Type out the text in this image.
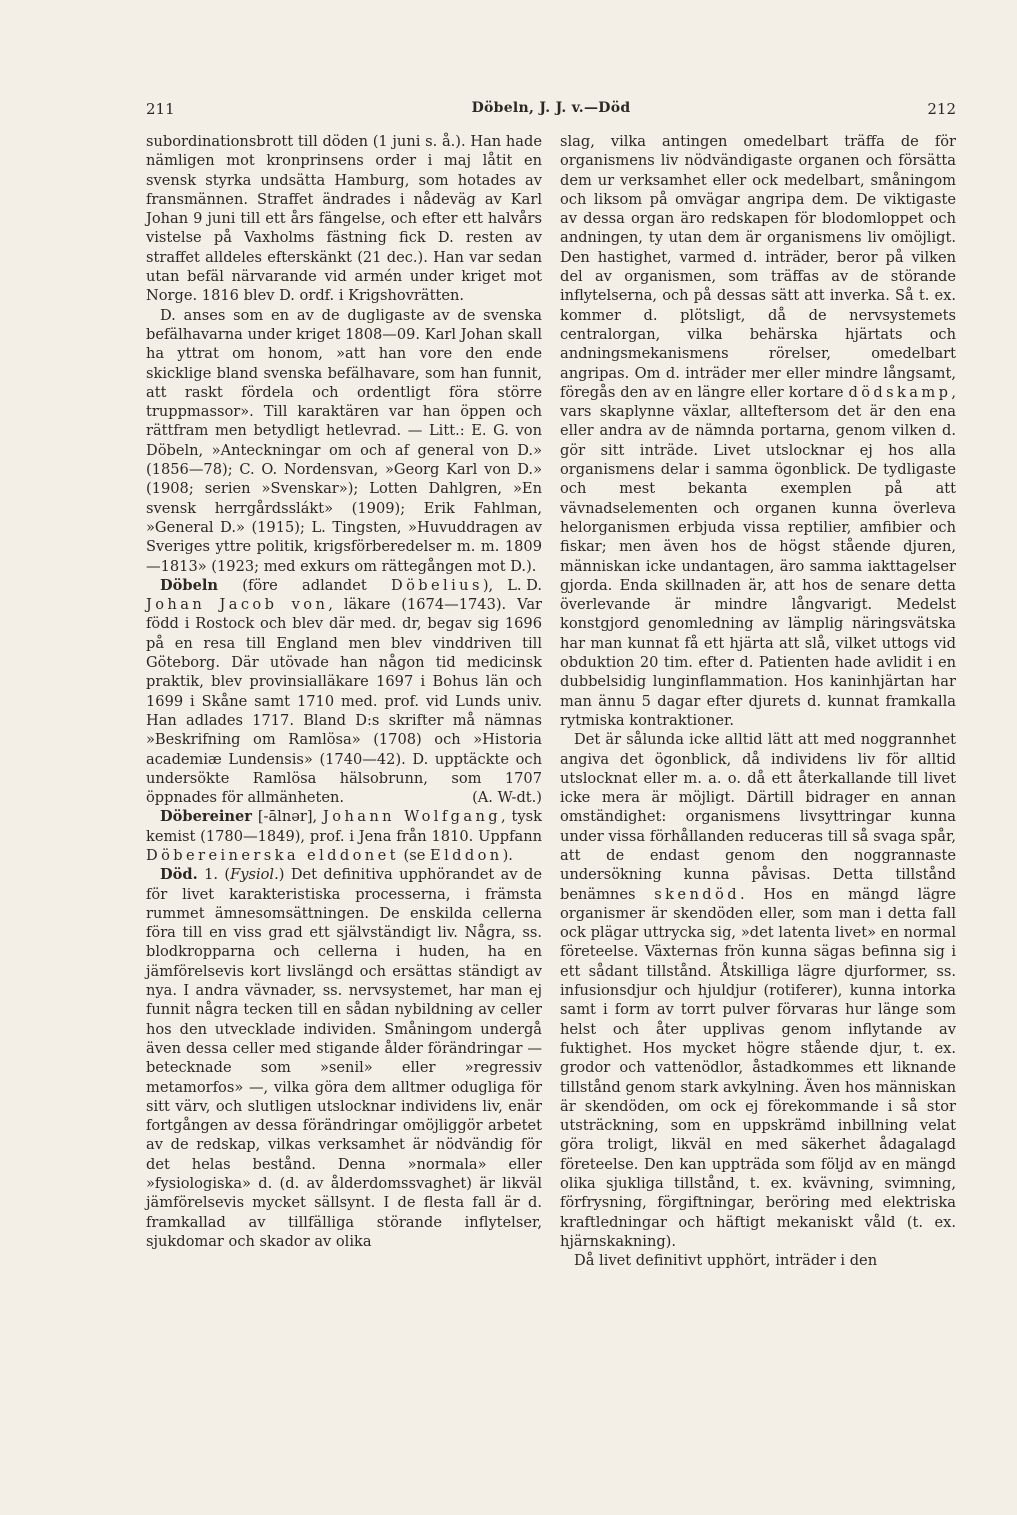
211	Döbeln, J. J. v.—Död	212

subordinationsbrott till döden (1 juni s. å.). Han hade nämligen mot kronprinsens order i maj låtit en svensk styrka undsätta Hamburg, som hotades av fransmännen. Straffet ändrades i nådeväg av Karl Johan 9 juni till ett års fängelse, och efter ett halvårs vistelse på Vaxholms fästning fick D. resten av straffet alldeles efterskänkt (21 dec.). Han var sedan utan befäl närvarande vid armén under kriget mot Norge. 1816 blev D. ordf. i Krigshovrätten.

D. anses som en av de dugligaste av de svenska befälhavarna under kriget 1808—09. Karl Johan skall ha yttrat om honom, »att han vore den ende skicklige bland svenska befälhavare, som han funnit, att raskt fördela och ordentligt föra större truppmassor». Till karaktären var han öppen och rättfram men betydligt hetlevrad. — Litt.: E. G. von Döbeln, »Anteckningar om och af general von D.» (1856—78); C. O. Nordensvan, »Georg Karl von D.» (1908; serien »Svenskar»); Lotten Dahlgren, »En svensk herrgårdsslákt» (1909); Erik Fahlman, »General D.» (1915); L. Tingsten, »Huvuddragen av Sveriges yttre politik, krigsförberedelser m. m. 1809—1813» (1923; med exkurs om rättegången mot D.).
L. D.

Döbeln (före adlandet Döbelius), Johan Jacob von, läkare (1674—1743). Var född i Rostock och blev där med. dr, begav sig 1696 på en resa till England men blev vinddriven till Göteborg. Där utövade han någon tid medicinsk praktik, blev provinsialläkare 1697 i Bohus län och 1699 i Skåne samt 1710 med. prof. vid Lunds univ. Han adlades 1717. Bland D:s skrifter må nämnas »Beskrifning om Ramlösa» (1708) och »Historia academiæ Lundensis» (1740—42). D. upptäckte och undersökte Ramlösa hälsobrunn, som 1707 öppnades för allmänheten.	(A. W-dt.)

Döbereiner [-ālnər], Johann Wolfgang, tysk kemist (1780—1849), prof. i Jena från 1810. Uppfann Döbereinerska elddonet (se Elddon).

Död. 1. (Fysiol.) Det definitiva upphörandet av de för livet karakteristiska processerna, i främsta rummet ämnesomsättningen. De enskilda cellerna föra till en viss grad ett självständigt liv. Några, ss. blodkropparna och cellerna i huden, ha en jämförelsevis kort livslängd och ersättas ständigt av nya. I andra vävnader, ss. nervsystemet, har man ej funnit några tecken till en sådan nybildning av celler hos den utvecklade individen. Småningom undergå även dessa celler med stigande ålder förändringar — betecknade som »senil» eller »regressiv metamorfos» —, vilka göra dem alltmer odugliga för sitt värv, och slutligen utslocknar individens liv, enär fortgången av dessa förändringar omöjliggör arbetet av de redskap, vilkas verksamhet är nödvändig för det helas bestånd. Denna »normala» eller »fysiologiska» d. (d. av ålderdomssvaghet) är likväl jämförelsevis mycket sällsynt. I de flesta fall är d. framkallad av tillfälliga störande inflytelser, sjukdomar och skador av olika

slag, vilka antingen omedelbart träffa de för organismens liv nödvändigaste organen och försätta dem ur verksamhet eller ock medelbart, småningom och liksom på omvägar angripa dem. De viktigaste av dessa organ äro redskapen för blodomloppet och andningen, ty utan dem är organismens liv omöjligt. Den hastighet, varmed d. inträder, beror på vilken del av organismen, som träffas av de störande inflytelserna, och på dessas sätt att inverka. Så t. ex. kommer d. plötsligt, då de nervsystemets centralorgan, vilka behärska hjärtats och andningsmekanismens rörelser, omedelbart angripas. Om d. inträder mer eller mindre långsamt, föregås den av en längre eller kortare dödskamp, vars skaplynne växlar, allteftersom det är den ena eller andra av de nämnda portarna, genom vilken d. gör sitt inträde. Livet utslocknar ej hos alla organismens delar i samma ögonblick. De tydligaste och mest bekanta exemplen på att vävnadselementen och organen kunna överleva helorganismen erbjuda vissa reptilier, amfibier och fiskar; men även hos de högst stående djuren, människan icke undantagen, äro samma iakttagelser gjorda. Enda skillnaden är, att hos de senare detta överlevande är mindre långvarigt. Medelst konstgjord genomledning av lämplig näringsvätska har man kunnat få ett hjärta att slå, vilket uttogs vid obduktion 20 tim. efter d. Patienten hade avlidit i en dubbelsidig lunginflammation. Hos kaninhjärtan har man ännu 5 dagar efter djurets d. kunnat framkalla rytmiska kontraktioner.

Det är sålunda icke alltid lätt att med noggrannhet angiva det ögonblick, då individens liv för alltid utslocknat eller m. a. o. då ett återkallande till livet icke mera är möjligt. Därtill bidrager en annan omständighet: organismens livsyttringar kunna under vissa förhållanden reduceras till så svaga spår, att de endast genom den noggrannaste undersökning kunna påvisas. Detta tillstånd benämnes skendöd. Hos en mängd lägre organismer är skendöden eller, som man i detta fall ock plägar uttrycka sig, »det latenta livet» en normal företeelse. Växternas frön kunna sägas befinna sig i ett sådant tillstånd. Åtskilliga lägre djurformer, ss. infusionsdjur och hjuldjur (rotiferer), kunna intorka samt i form av torrt pulver förvaras hur länge som helst och åter upplivas genom inflytande av fuktighet. Hos mycket högre stående djur, t. ex. grodor och vattenödlor, åstadkommes ett liknande tillstånd genom stark avkylning. Även hos människan är skendöden, om ock ej förekommande i så stor utsträckning, som en uppskrämd inbillning velat göra troligt, likväl en med säkerhet ådagalagd företeelse. Den kan uppträda som följd av en mängd olika sjukliga tillstånd, t. ex. kvävning, svimning, förfrysning, förgiftningar, beröring med elektriska kraftledningar och häftigt mekaniskt våld (t. ex. hjärnskakning).

Då livet definitivt upphört, inträder i den
